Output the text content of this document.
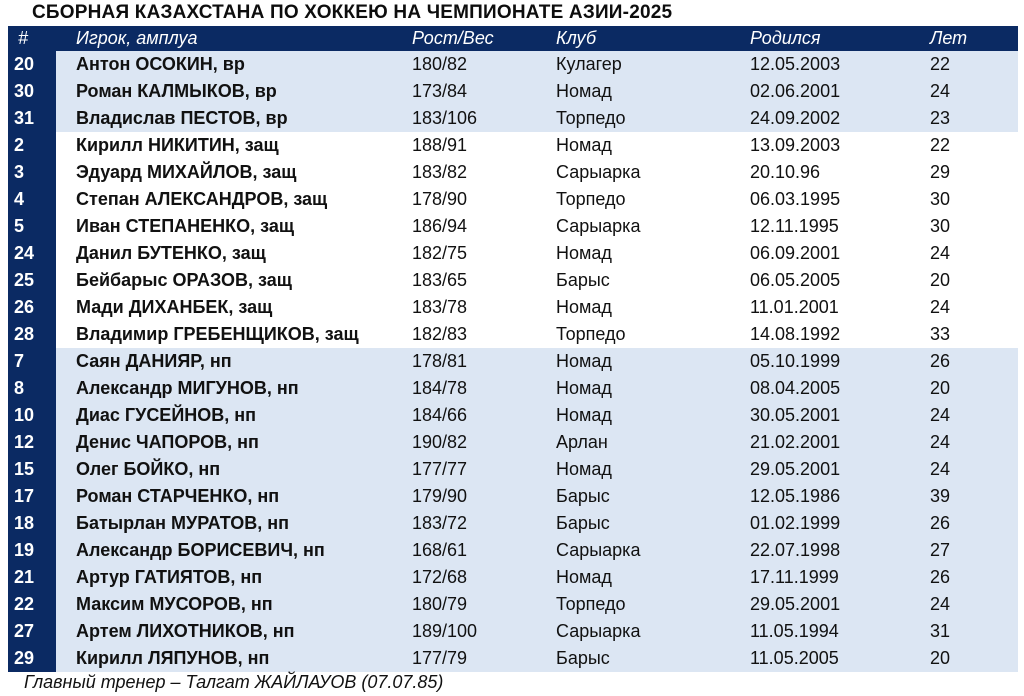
СБОРНАЯ КАЗАХСТАНА ПО ХОККЕЮ НА ЧЕМПИОНАТЕ АЗИИ-2025
#	Игрок, амплуа	Рост/Вес	Клуб	Родился	Лет
20	Антон ОСОКИН, вр	180/82	Кулагер	12.05.2003	22
30	Роман КАЛМЫКОВ, вр	173/84	Номад	02.06.2001	24
31	Владислав ПЕСТОВ, вр	183/106	Торпедо	24.09.2002	23
2	Кирилл НИКИТИН, защ	188/91	Номад	13.09.2003	22
3	Эдуард МИХАЙЛОВ, защ	183/82	Сарыарка	20.10.96	29
4	Степан АЛЕКСАНДРОВ, защ	178/90	Торпедо	06.03.1995	30
5	Иван СТЕПАНЕНКО, защ	186/94	Сарыарка	12.11.1995	30
24	Данил БУТЕНКО, защ	182/75	Номад	06.09.2001	24
25	Бейбарыс ОРАЗОВ, защ	183/65	Барыс	06.05.2005	20
26	Мади ДИХАНБЕК, защ	183/78	Номад	11.01.2001	24
28	Владимир ГРЕБЕНЩИКОВ, защ	182/83	Торпедо	14.08.1992	33
7	Саян ДАНИЯР, нп	178/81	Номад	05.10.1999	26
8	Александр МИГУНОВ, нп	184/78	Номад	08.04.2005	20
10	Диас ГУСЕЙНОВ, нп	184/66	Номад	30.05.2001	24
12	Денис ЧАПОРОВ, нп	190/82	Арлан	21.02.2001	24
15	Олег БОЙКО, нп	177/77	Номад	29.05.2001	24
17	Роман СТАРЧЕНКО, нп	179/90	Барыс	12.05.1986	39
18	Батырлан МУРАТОВ, нп	183/72	Барыс	01.02.1999	26
19	Александр БОРИСЕВИЧ, нп	168/61	Сарыарка	22.07.1998	27
21	Артур ГАТИЯТОВ, нп	172/68	Номад	17.11.1999	26
22	Максим МУСОРОВ, нп	180/79	Торпедо	29.05.2001	24
27	Артем ЛИХОТНИКОВ, нп	189/100	Сарыарка	11.05.1994	31
29	Кирилл ЛЯПУНОВ, нп	177/79	Барыс	11.05.2005	20
Главный тренер – Талгат ЖАЙЛАУОВ (07.07.85)
